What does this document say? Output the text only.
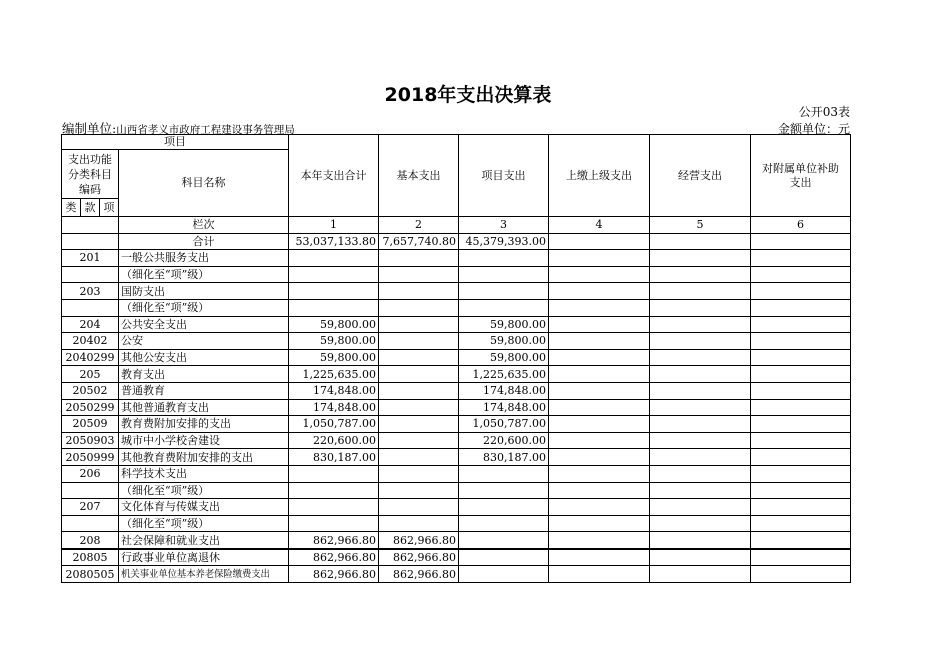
2018年支出决算表
公开03表
编制单位:山西省孝义市政府工程建设事务管理局	金额单位：元
项目				本年支出合计	基本支出	项目支出	上缴上级支出	经营支出	对附属单位补助支出
支出功能分类科目编码			科目名称						
类	款	项							
			栏次	1	2	3	4	5	6
			合计	53,037,133.80	7,657,740.80	45,379,393.00			
201			一般公共服务支出						
			（细化至“项”级）						
203			国防支出						
			（细化至“项”级）						
204			公共安全支出	59,800.00		59,800.00			
20402			公安	59,800.00		59,800.00			
2040299			其他公安支出	59,800.00		59,800.00			
205			教育支出	1,225,635.00		1,225,635.00			
20502			普通教育	174,848.00		174,848.00			
2050299			其他普通教育支出	174,848.00		174,848.00			
20509			教育费附加安排的支出	1,050,787.00		1,050,787.00			
2050903			城市中小学校舍建设	220,600.00		220,600.00			
2050999			其他教育费附加安排的支出	830,187.00		830,187.00			
206			科学技术支出						
			（细化至“项”级）						
207			文化体育与传媒支出						
			（细化至“项”级）						
208			社会保障和就业支出	862,966.80	862,966.80				
20805			行政事业单位离退休	862,966.80	862,966.80				
2080505			机关事业单位基本养老保险缴费支出	862,966.80	862,966.80				
